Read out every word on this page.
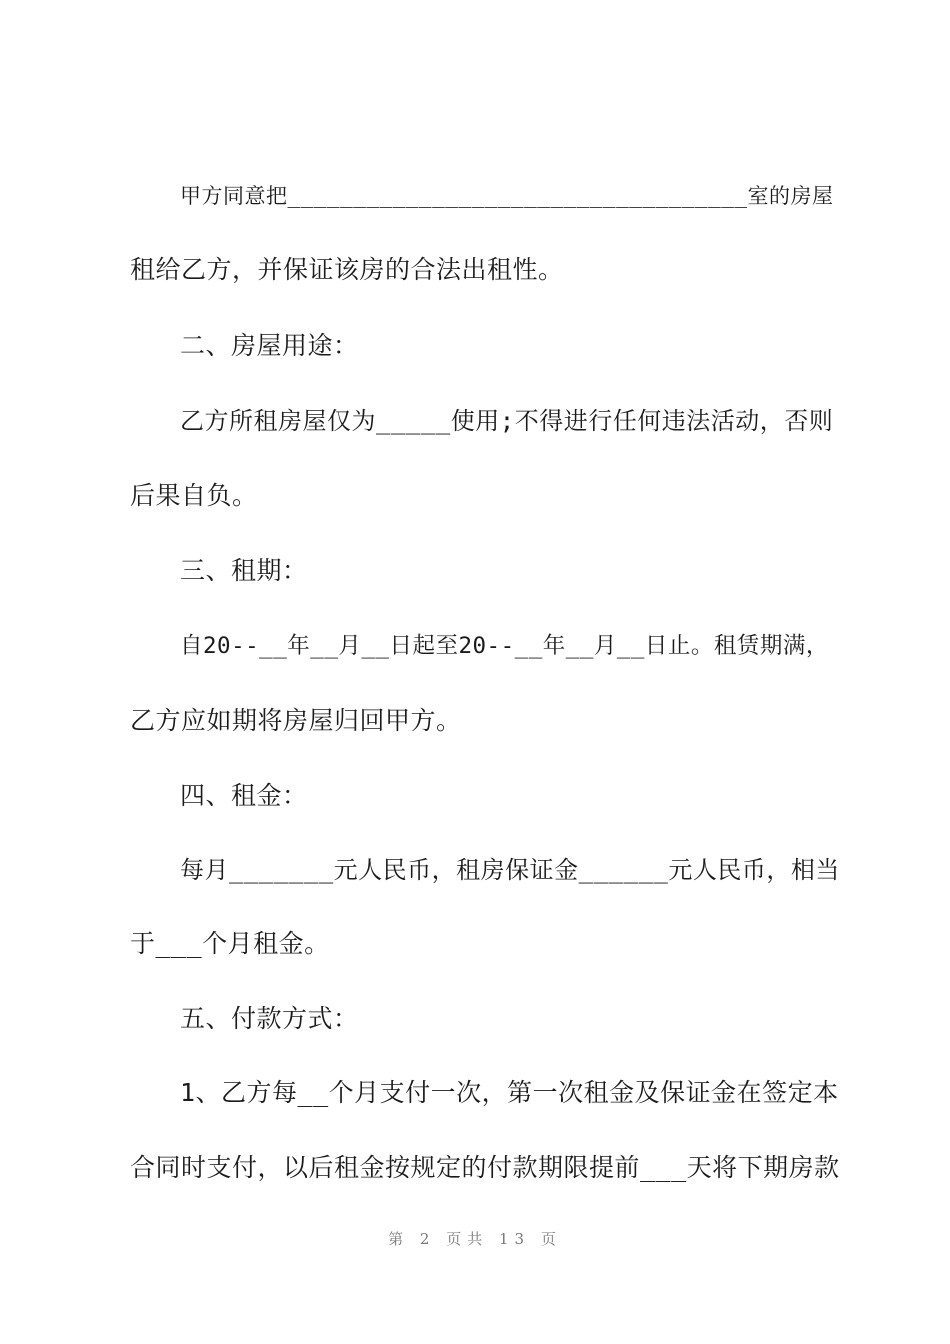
甲方同意把___________________________________室的房屋
租给乙方，并保证该房的合法出租性。
二、房屋用途：
乙方所租房屋仅为_____使用;不得进行任何违法活动，否则
后果自负。
三、租期：
自20--__年__月__日起至20--__年__月__日止。租赁期满，
乙方应如期将房屋归回甲方。
四、租金：
每月_______元人民币，租房保证金______元人民币，相当
于___个月租金。
五、付款方式：
1、乙方每__个月支付一次，第一次租金及保证金在签定本
合同时支付，以后租金按规定的付款期限提前___天将下期房款
第 2 页共 13 页
